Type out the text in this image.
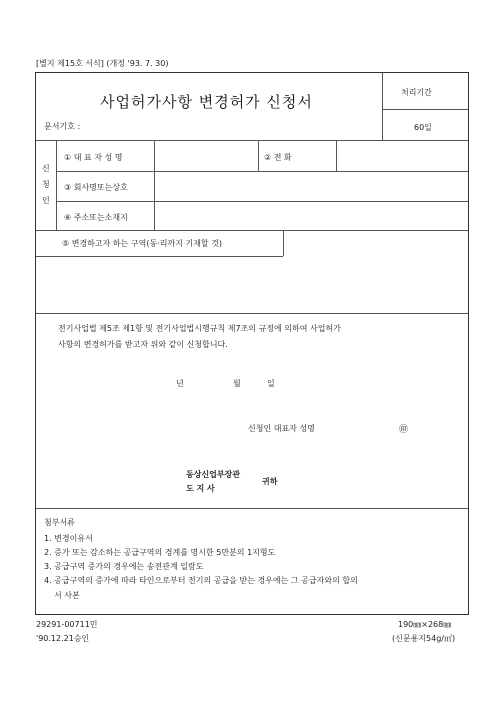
[별지 제15호 서식] (개정 '93. 7. 30)
사업허가사항 변경허가 신청서
문서기호 :
처리기간
60일
신
청
인
① 대 표 자 성 명	② 전 화
③ 회사명또는상호
④ 주소또는소재지
⑤ 변경하고자 하는 구역(동·리까지 기재할 것)
전기사업법 제5조 제1항 및 전기사업법시행규칙 제7조의 규정에 의하여 사업허가
사항의 변경허가를 받고자 위와 같이 신청합니다.
년	월	일
신청인 대표자 성명	㊞
동상신업부장관
도 지 사
귀하
첨부서류
1. 변경이유서
2. 증가 또는 감소하는 공급구역의 경계를 명시한 5만분의 1지형도
3. 공급구역 증가의 경우에는 송전관계 일람도
4. 공급구역의 증가에 따라 타인으로부터 전기의 공급을 받는 경우에는 그 공급자와의 합의
서 사본
29291-00711민
'90.12.21승인
190㎜×268㎜
(신문용지54g/㎡)
